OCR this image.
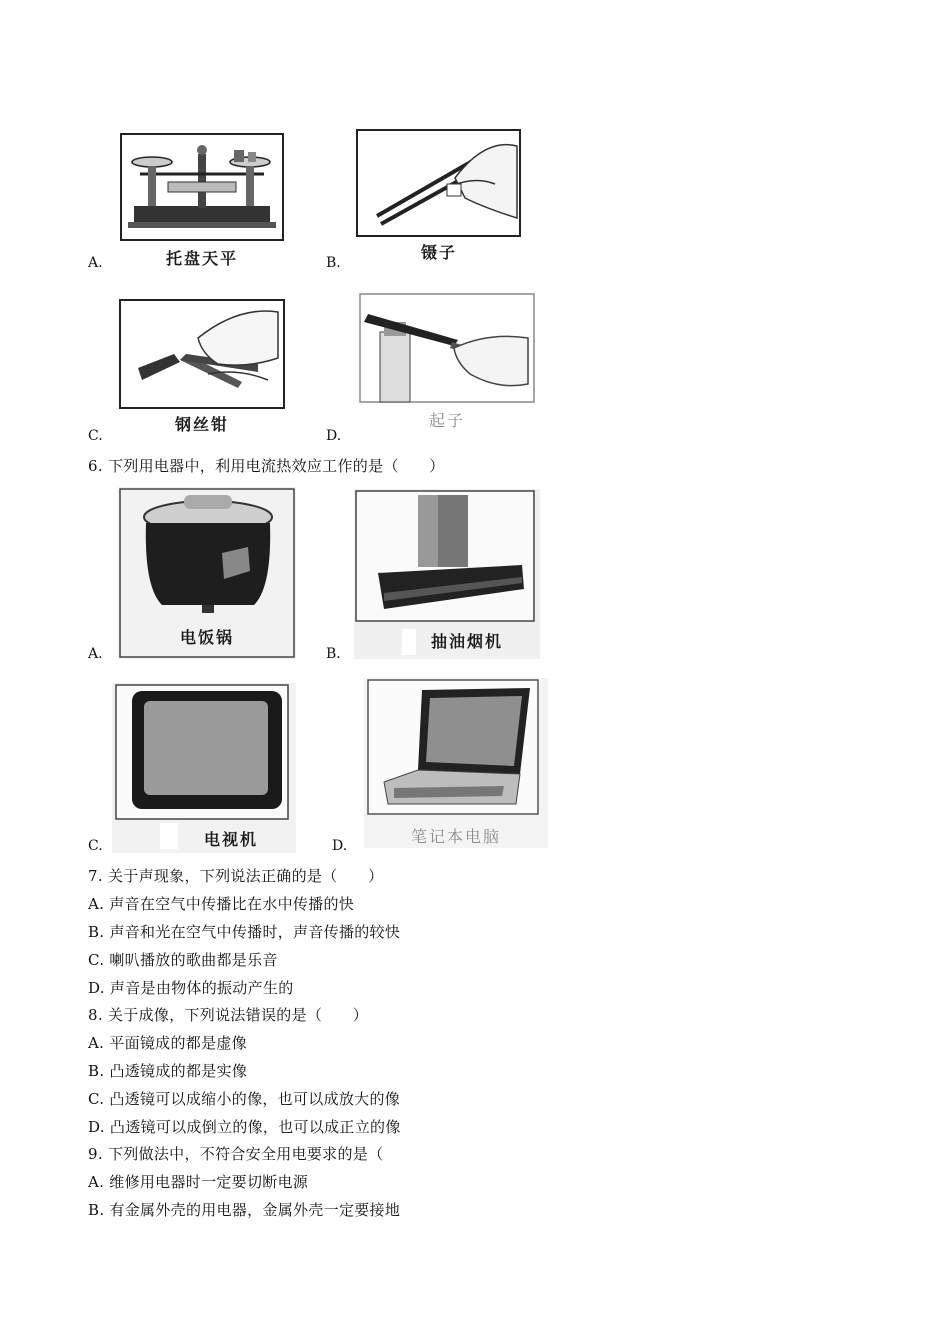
托盘天平
A.
镊子
B.
钢丝钳
C.
起子
D.
6. 下列用电器中，利用电流热效应工作的是（　　）
电饭锅
A.
抽油烟机
B.
电视机
C.	笔记本电脑
D.
7. 关于声现象，下列说法正确的是（　　）
A. 声音在空气中传播比在水中传播的快
B. 声音和光在空气中传播时，声音传播的较快
C. 喇叭播放的歌曲都是乐音
D. 声音是由物体的振动产生的
8. 关于成像，下列说法错误的是（　　）
A. 平面镜成的都是虚像
B. 凸透镜成的都是实像
C. 凸透镜可以成缩小的像，也可以成放大的像
D. 凸透镜可以成倒立的像，也可以成正立的像
9. 下列做法中，不符合安全用电要求的是（
A. 维修用电器时一定要切断电源
B. 有金属外壳的用电器，金属外壳一定要接地
